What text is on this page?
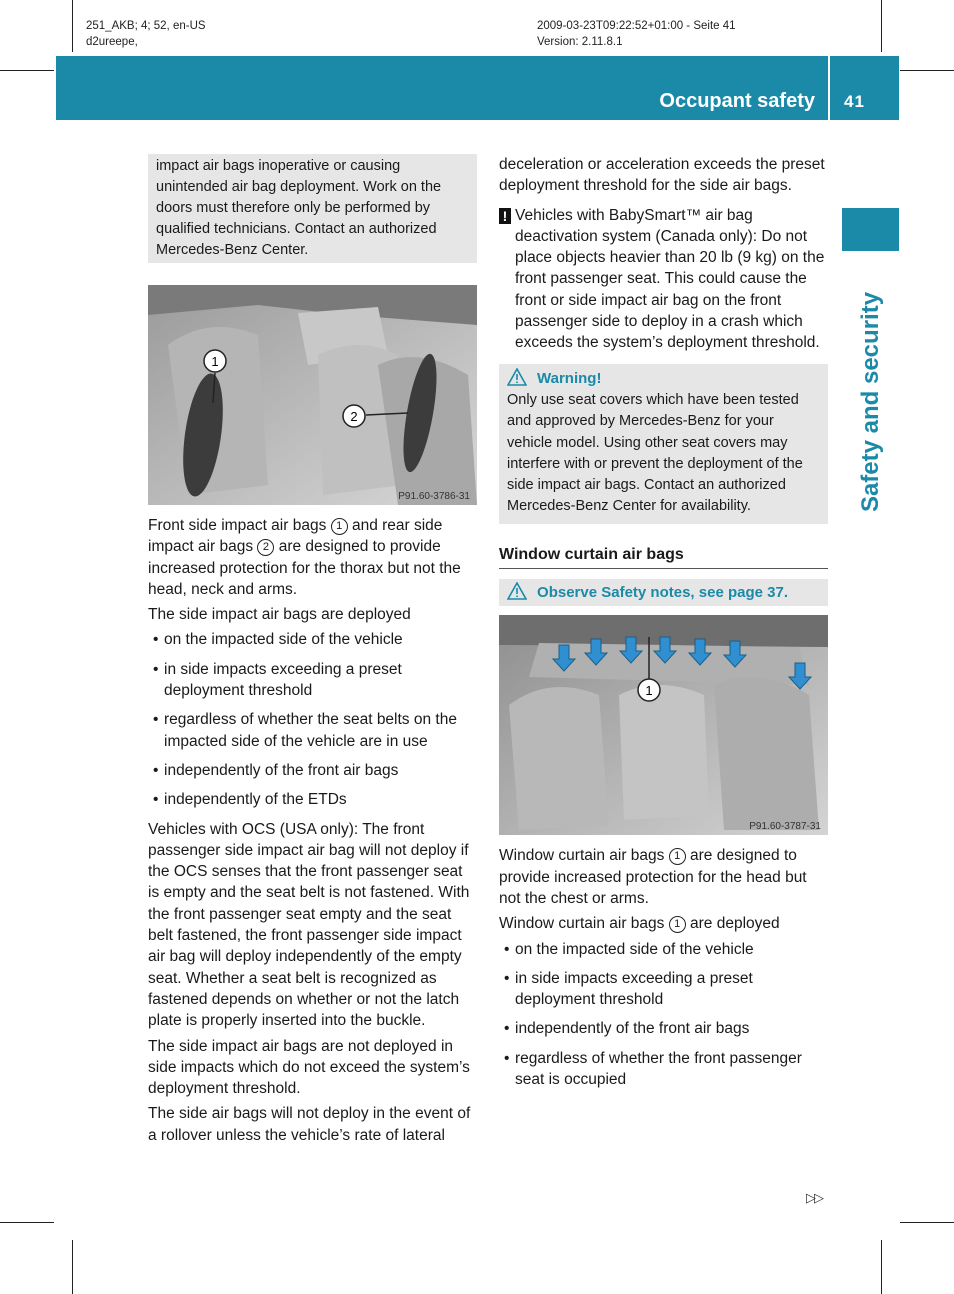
251_AKB; 4; 52, en-US
d2ureepe,
2009-03-23T09:22:52+01:00 - Seite 41
Version: 2.11.8.1
Occupant safety 41
Safety and security
impact air bags inoperative or causing unintended air bag deployment. Work on the doors must therefore only be performed by qualified technicians. Contact an authorized Mercedes-Benz Center.
1
2
P91.60-3786-31

Front side impact air bags 1 and rear side impact air bags 2 are designed to provide increased protection for the thorax but not the head, neck and arms.

The side impact air bags are deployed

• on the impacted side of the vehicle
• in side impacts exceeding a preset deployment threshold
• regardless of whether the seat belts on the impacted side of the vehicle are in use
• independently of the front air bags
• independently of the ETDs

Vehicles with OCS (USA only): The front passenger side impact air bag will not deploy if the OCS senses that the front passenger seat is empty and the seat belt is not fastened. With the front passenger seat empty and the seat belt fastened, the front passenger side impact air bag will deploy independently of the empty seat. Whether a seat belt is recognized as fastened depends on whether or not the latch plate is properly inserted into the buckle.

The side impact air bags are not deployed in side impacts which do not exceed the system’s deployment threshold.

The side air bags will not deploy in the event of a rollover unless the vehicle’s rate of lateral

deceleration or acceleration exceeds the preset deployment threshold for the side air bags.

! Vehicles with BabySmart™ air bag deactivation system (Canada only): Do not place objects heavier than 20 lb (9 kg) on the front passenger seat. This could cause the front or side impact air bag on the front passenger side to deploy in a crash which exceeds the system’s deployment threshold.

Warning!
Only use seat covers which have been tested and approved by Mercedes-Benz for your vehicle model. Using other seat covers may interfere with or prevent the deployment of the side impact air bags. Contact an authorized Mercedes-Benz Center for availability.
Window curtain air bags
Observe Safety notes, see page 37.
1
P91.60-3787-31

Window curtain air bags 1 are designed to provide increased protection for the head but not the chest or arms.

Window curtain air bags 1 are deployed

• on the impacted side of the vehicle
• in side impacts exceeding a preset deployment threshold
• independently of the front air bags
• regardless of whether the front passenger seat is occupied
▷▷
